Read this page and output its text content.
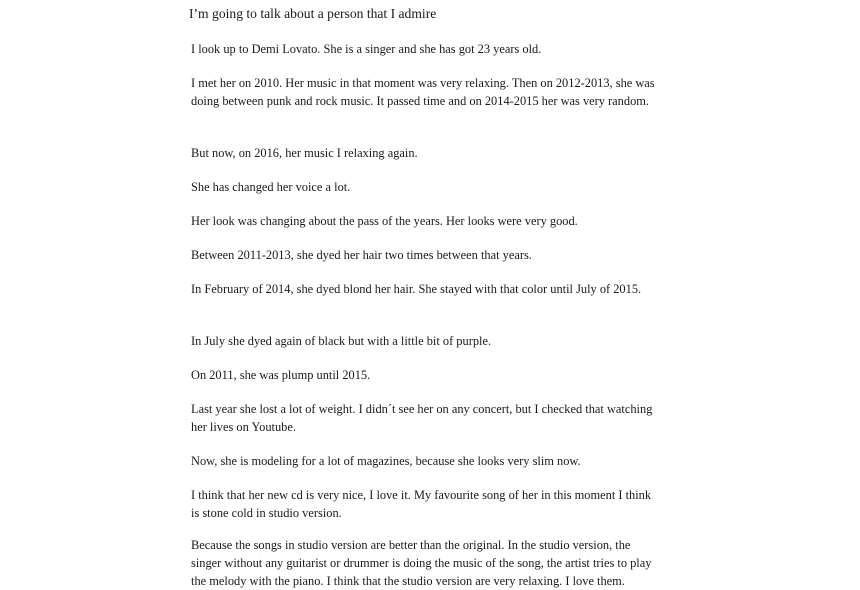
I’m going to talk about a person that I admire

I look up to Demi Lovato. She is a singer and she has got 23 years old.

I met her on 2010. Her music in that moment was very relaxing. Then on 2012-2013, she was doing between punk and rock music. It passed time and on 2014-2015 her was very random.

But now, on 2016, her music I relaxing again.

She has changed her voice a lot.

Her look was changing about the pass of the years. Her looks were very good.

Between 2011-2013, she dyed her hair two times between that years.

In February of 2014, she dyed blond her hair. She stayed with that color until July of 2015.

In July she dyed again of black but with a little bit of purple.

On 2011, she was plump until 2015.

Last year she lost a lot of weight. I didn´t see her on any concert, but I checked that watching her lives on Youtube.

Now, she is modeling for a lot of magazines, because she looks very slim now.

I think that her new cd is very nice, I love it. My favourite song of her in this moment I think is stone cold in studio version.

Because the songs in studio version are better than the original. In the studio version, the singer without any guitarist or drummer is doing the music of the song, the artist tries to play the melody with the piano. I think that the studio version are very relaxing. I love them.
